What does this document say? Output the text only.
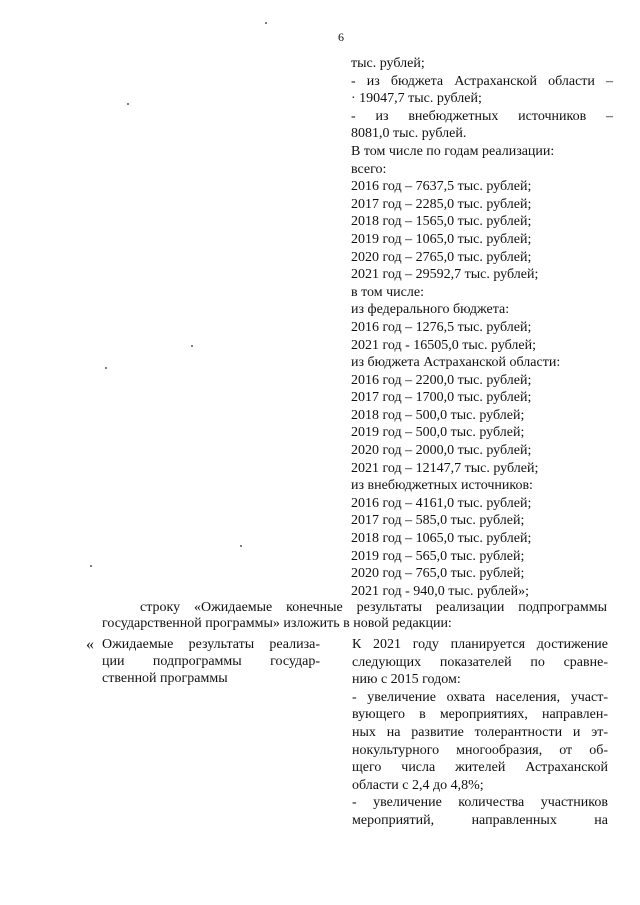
6
тыс. рублей;
- из бюджета Астраханской области –
· 19047,7 тыс. рублей;
- из внебюджетных источников –
8081,0 тыс. рублей.
В том числе по годам реализации:
всего:
2016 год – 7637,5 тыс. рублей;
2017 год – 2285,0 тыс. рублей;
2018 год – 1565,0 тыс. рублей;
2019 год – 1065,0 тыс. рублей;
2020 год – 2765,0 тыс. рублей;
2021 год – 29592,7 тыс. рублей;
в том числе:
из федерального бюджета:
2016 год – 1276,5 тыс. рублей;
2021 год - 16505,0 тыс. рублей;
из бюджета Астраханской области:
2016 год – 2200,0 тыс. рублей;
2017 год – 1700,0 тыс. рублей;
2018 год – 500,0 тыс. рублей;
2019 год – 500,0 тыс. рублей;
2020 год – 2000,0 тыс. рублей;
2021 год – 12147,7 тыс. рублей;
из внебюджетных источников:
2016 год – 4161,0 тыс. рублей;
2017 год – 585,0 тыс. рублей;
2018 год – 1065,0 тыс. рублей;
2019 год – 565,0 тыс. рублей;
2020 год – 765,0 тыс. рублей;
2021 год - 940,0 тыс. рублей»;
строку «Ожидаемые конечные результаты реализации подпрограммы
государственной программы» изложить в новой редакции:
« Ожидаемые результаты реализа-
ции подпрограммы государ-
ственной программы
К 2021 году планируется достижение
следующих показателей по сравне-
нию с 2015 годом:
- увеличение охвата населения, участ-
вующего в мероприятиях, направлен-
ных на развитие толерантности и эт-
нокультурного многообразия, от об-
щего числа жителей Астраханской
области с 2,4 до 4,8%;
- увеличение количества участников
мероприятий, направленных на
